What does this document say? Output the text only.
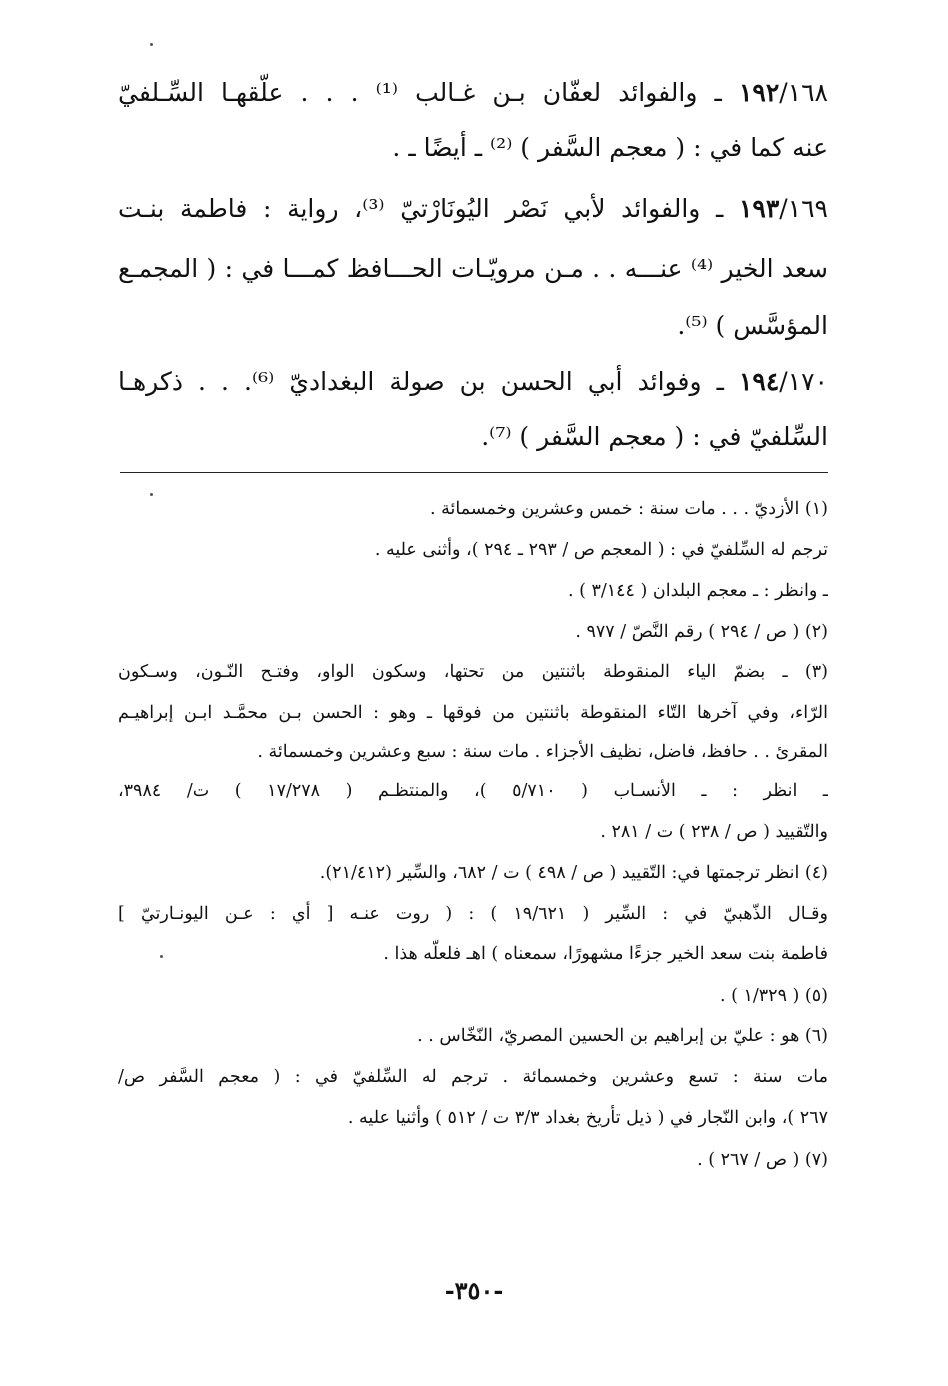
١٩٢/١٦٨ ـ والفوائد لعفّان بـن غـالب ⁽¹⁾ . . . علّقهـا السِّـلفيّ
عنه كما في : ( معجم السَّفر ) ⁽²⁾ ـ أيضًا ـ .
١٩٣/١٦٩ ـ والفوائد لأبي نَصْر اليُونَارْتيّ ⁽³⁾، رواية : فاطمة بنـت
سعد الخير ⁽⁴⁾ عنـــه . . مـن مرويّـات الحـــافظ كمـــا في : ( المجمـع
المؤسَّس ) ⁽⁵⁾.
١٩٤/١٧٠ ـ وفوائد أبي الحسن بن صولة البغداديّ ⁽⁶⁾. . . ذكرهـا
السِّلفيّ في : ( معجم السَّفر ) ⁽⁷⁾.
(١) الأزديّ . . . مات سنة : خمس وعشرين وخمسمائة .
ترجم له السِّلفيّ في : ( المعجم ص / ٢٩٣ ـ ٢٩٤ )، وأثنى عليه .
ـ وانظر : ـ معجم البلدان ( ٣/١٤٤ ) .
(٢) ( ص / ٢٩٤ ) رقم النَّصّ / ٩٧٧ .
(٣) ـ بضمّ الياء المنقوطة باثنتين من تحتها، وسكون الواو، وفتـح النّـون، وسـكون
الرّاء، وفي آخرها التّاء المنقوطة باثنتين من فوقها ـ وهو : الحسن بـن محمَّـد ابـن إبراهيـم
المقرئ . . حافظ، فاضل، نظيف الأجزاء . مات سنة : سبع وعشرين وخمسمائة .
ـ انظر : ـ الأنسـاب ( ٥/٧١٠ )، والمنتظـم ( ١٧/٢٧٨ ) ت/ ٣٩٨٤،
والتّقييد ( ص / ٢٣٨ ) ت / ٢٨١ .
(٤) انظر ترجمتها في: التّقييد ( ص / ٤٩٨ ) ت / ٦٨٢، والسِّير (٢١/٤١٢).
وقـال الذّهبيّ في : السِّير ( ١٩/٦٢١ ) : ( روت عنـه [ أي : عـن اليونـارتيّ ]
فاطمة بنت سعد الخير جزءًا مشهورًا، سمعناه ) اهـ فلعلّه هذا .
(٥) ( ١/٣٢٩ ) .
(٦) هو : عليّ بن إبراهيم بن الحسين المصريّ، النّخّاس . .
مات سنة : تسع وعشرين وخمسمائة . ترجم له السِّلفيّ في : ( معجم السَّفر ص/
٢٦٧ )، وابن النّجار في ( ذيل تأريخ بغداد ٣/٣ ت / ٥١٢ ) وأثنيا عليه .
(٧) ( ص / ٢٦٧ ) .
-٣٥٠-
